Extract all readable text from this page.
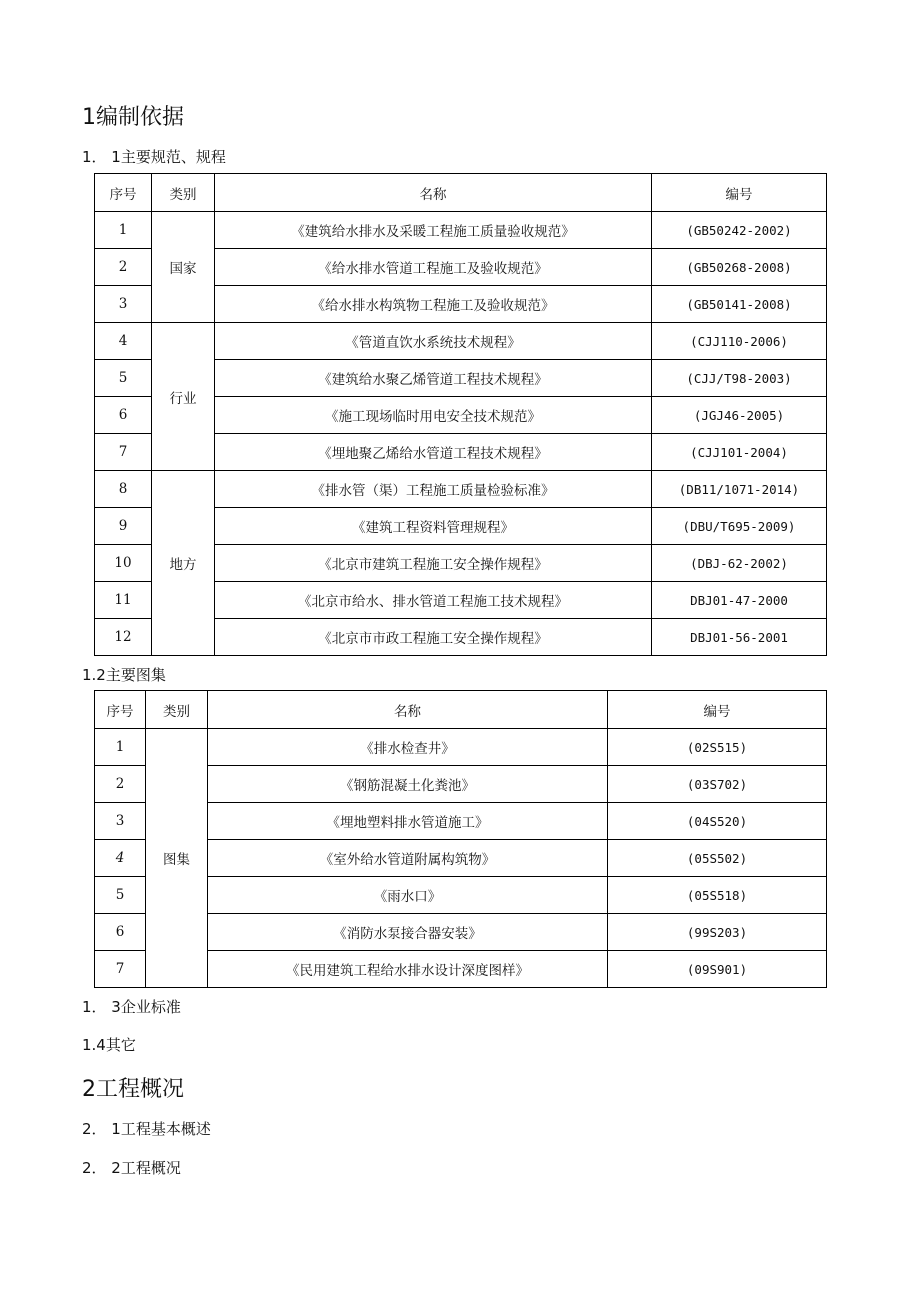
1编制依据
1． 1主要规范、规程
序号	类别	名称	编号
1	国家	《建筑给水排水及采暖工程施工质量验收规范》	(GB50242-2002)
2		《给水排水管道工程施工及验收规范》	(GB50268-2008)
3		《给水排水构筑物工程施工及验收规范》	(GB50141-2008)
4	行业	《管道直饮水系统技术规程》	(CJJ110-2006)
5		《建筑给水聚乙烯管道工程技术规程》	(CJJ/T98-2003)
6		《施工现场临时用电安全技术规范》	(JGJ46-2005)
7		《埋地聚乙烯给水管道工程技术规程》	(CJJ101-2004)
8	地方	《排水管（渠）工程施工质量检验标准》	(DB11/1071-2014)
9		《建筑工程资料管理规程》	(DBU/T695-2009)
10		《北京市建筑工程施工安全操作规程》	(DBJ-62-2002)
11		《北京市给水、排水管道工程施工技术规程》	DBJ01-47-2000
12		《北京市市政工程施工安全操作规程》	DBJ01-56-2001
1.2主要图集
序号	类别	名称	编号
1	图集	《排水检查井》	(02S515)
2		《钢筋混凝土化粪池》	(03S702)
3		《埋地塑料排水管道施工》	(04S520)
4		《室外给水管道附属构筑物》	(05S502)
5		《雨水口》	(05S518)
6		《消防水泵接合器安装》	(99S203)
7		《民用建筑工程给水排水设计深度图样》	(09S901)
1． 3企业标准
1.4其它
2工程概况
2． 1工程基本概述
2． 2工程概况
